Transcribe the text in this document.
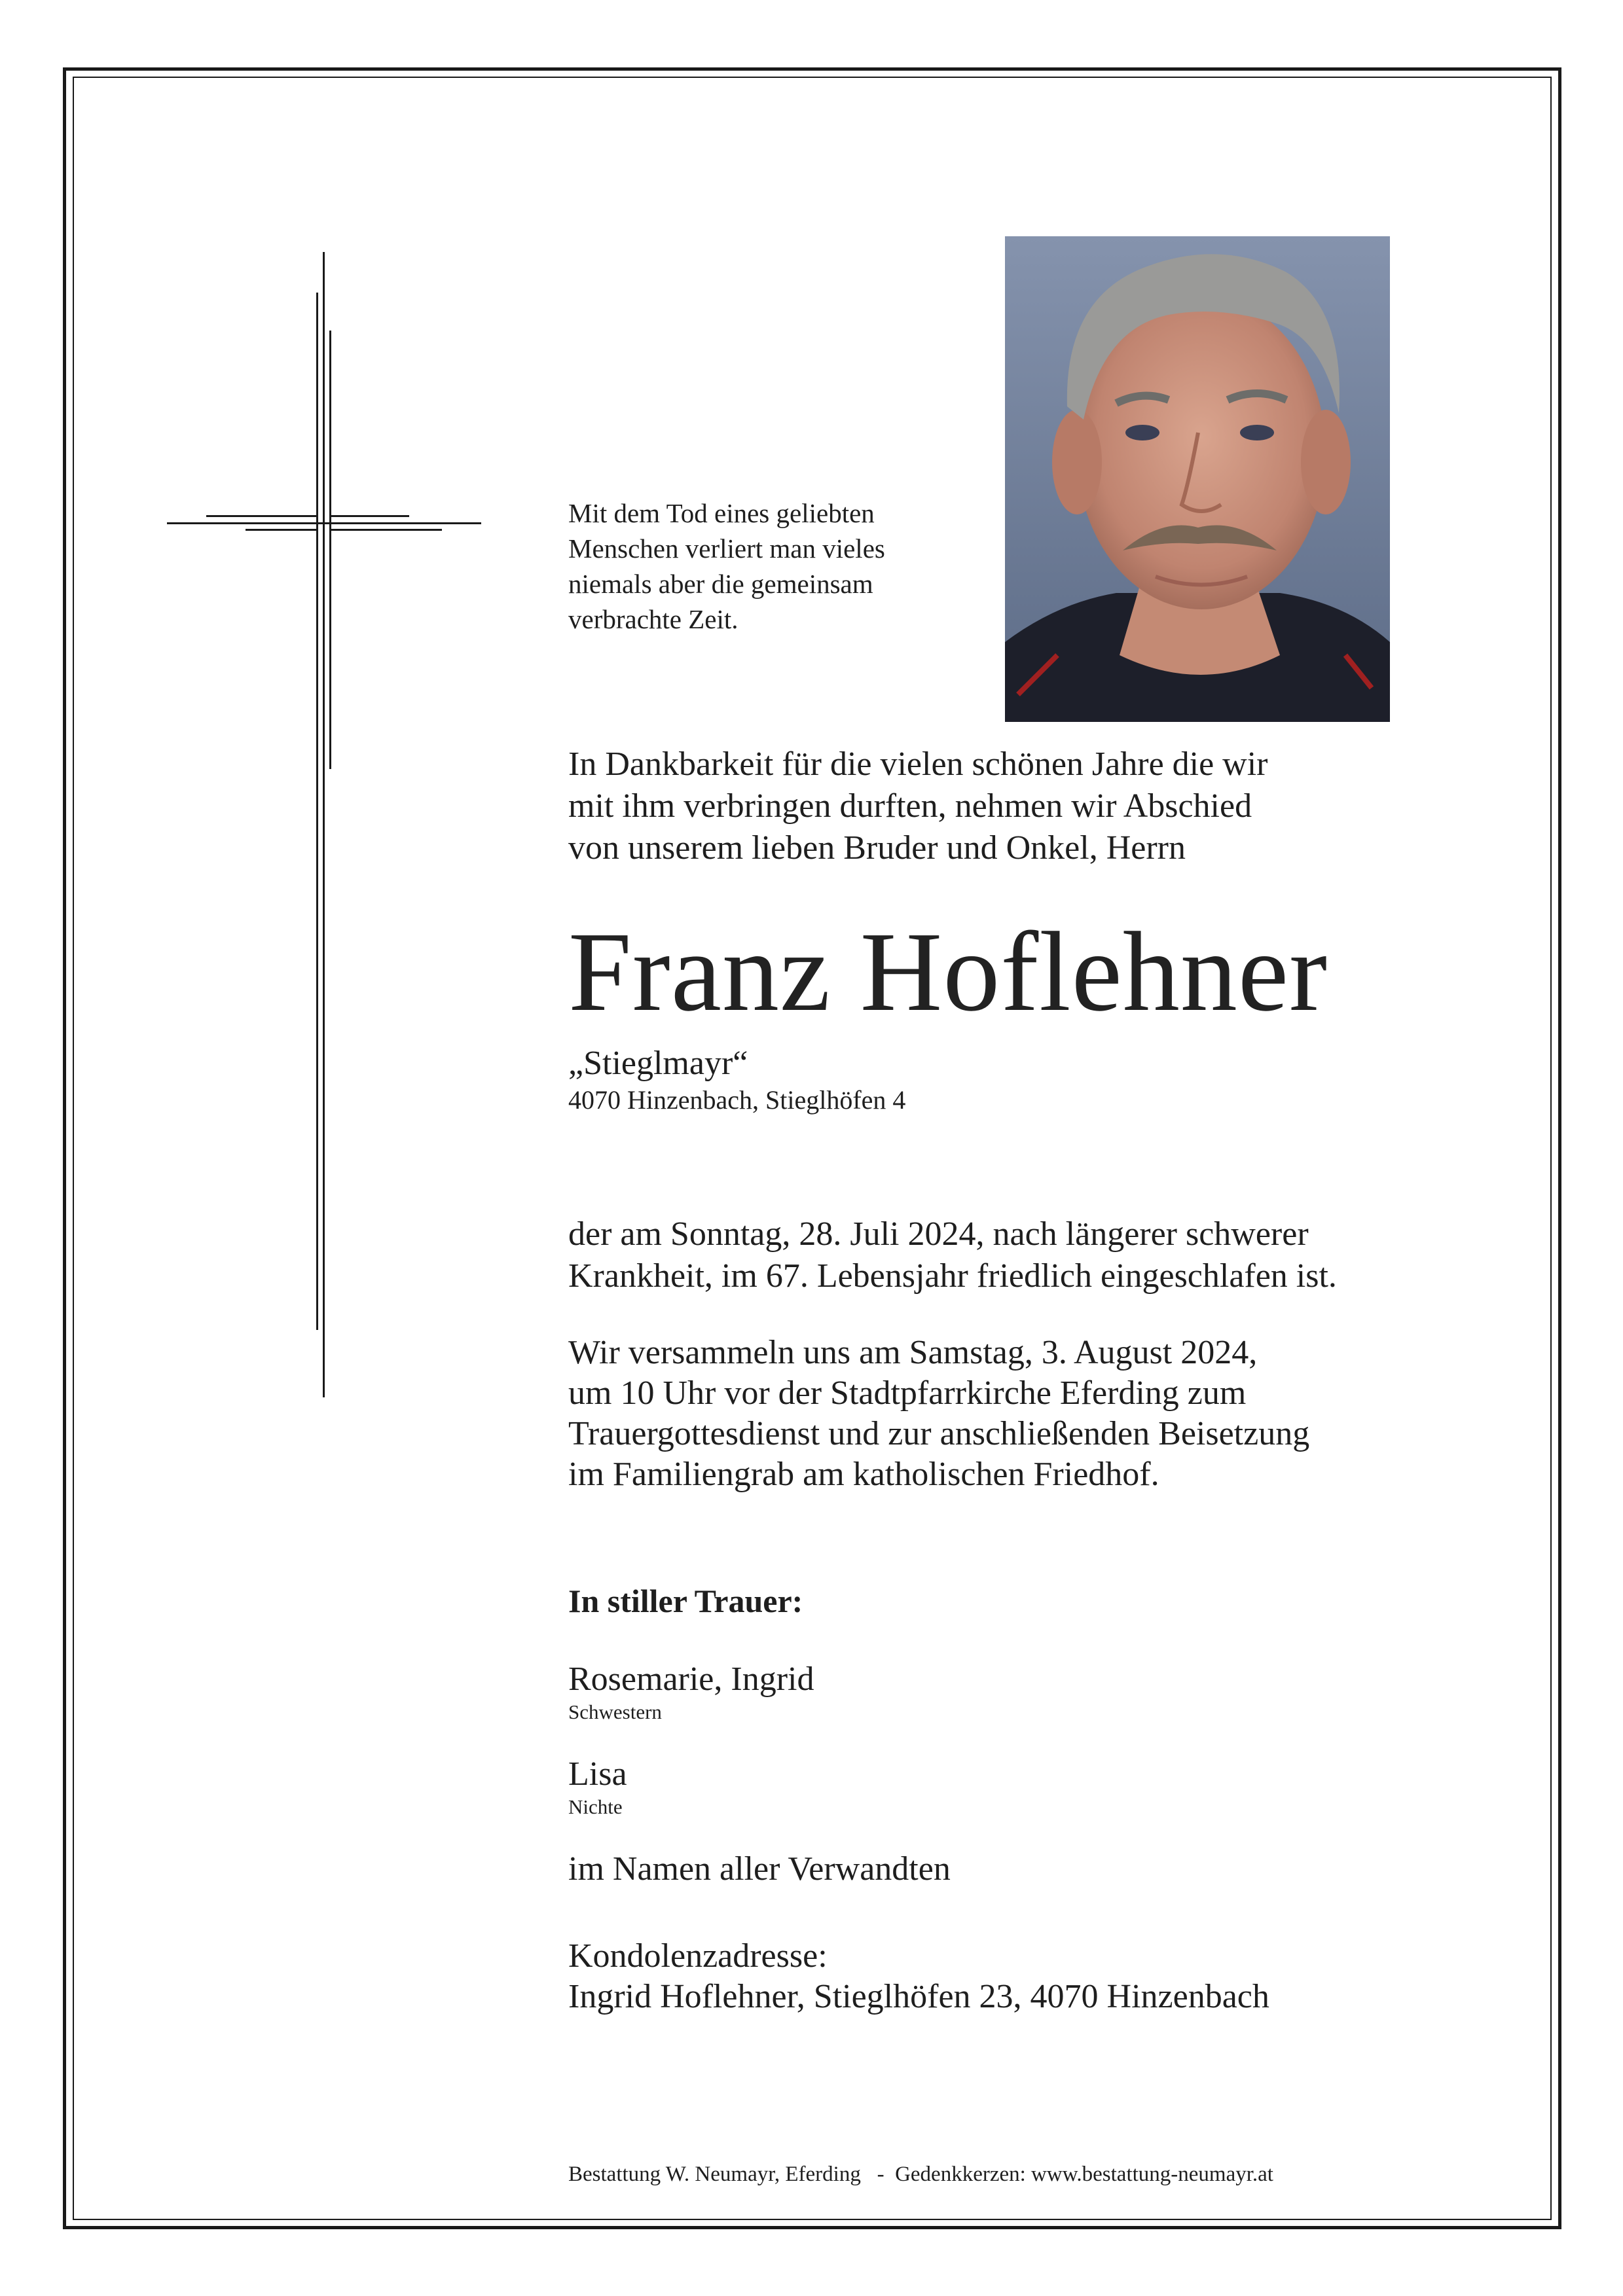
Mit dem Tod eines geliebten
Menschen verliert man vieles
niemals aber die gemeinsam
verbrachte Zeit.
In Dankbarkeit für die vielen schönen Jahre die wir
mit ihm verbringen durften, nehmen wir Abschied
von unserem lieben Bruder und Onkel, Herrn
Franz Hoflehner
„Stieglmayr“
4070 Hinzenbach, Stieglhöfen 4
der am Sonntag, 28. Juli 2024, nach längerer schwerer
Krankheit, im 67. Lebensjahr friedlich eingeschlafen ist.
Wir versammeln uns am Samstag, 3. August 2024,
um 10 Uhr vor der Stadtpfarrkirche Eferding zum
Trauergottesdienst und zur anschließenden Beisetzung
im Familiengrab am katholischen Friedhof.
In stiller Trauer:
Rosemarie, Ingrid
Schwestern
Lisa
Nichte
im Namen aller Verwandten
Kondolenzadresse:
Ingrid Hoflehner, Stieglhöfen 23, 4070 Hinzenbach
Bestattung W. Neumayr, Eferding   -  Gedenkkerzen: www.bestattung-neumayr.at
